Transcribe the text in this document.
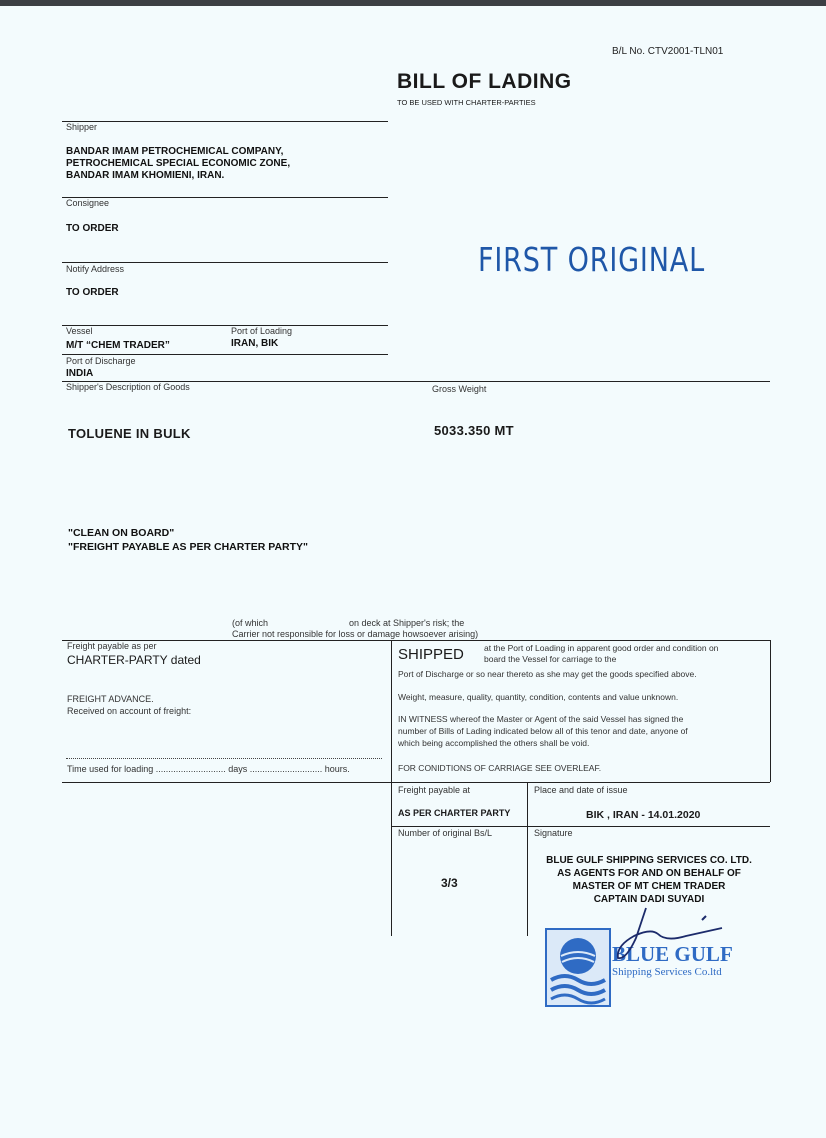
B/L No. CTV2001-TLN01
BILL OF LADING
TO BE USED WITH CHARTER-PARTIES
Shipper
BANDAR IMAM PETROCHEMICAL COMPANY,
PETROCHEMICAL SPECIAL ECONOMIC ZONE,
BANDAR IMAM KHOMIENI, IRAN.
Consignee
TO ORDER
Notify Address
TO ORDER
FIRST ORIGINAL
Vessel
M/T “CHEM TRADER”
Port of Loading
IRAN, BIK
Port of Discharge
INDIA
Shipper's Description of Goods	Gross Weight
TOLUENE IN BULK	5033.350 MT
"CLEAN ON BOARD"
"FREIGHT PAYABLE AS PER CHARTER PARTY"
(of which	on deck at Shipper's risk; the
Carrier not responsible for loss or damage howsoever arising)
Freight payable as per
CHARTER-PARTY dated
FREIGHT ADVANCE.
Received on account of freight:
Time used for loading ............................ days ............................. hours.
SHIPPED at the Port of Loading in apparent good order and condition on
board the Vessel for carriage to the
Port of Discharge or so near thereto as she may get the goods specified above.
Weight, measure, quality, quantity, condition, contents and value unknown.
IN WITNESS whereof the Master or Agent of the said Vessel has signed the
number of Bills of Lading indicated below all of this tenor and date, anyone of
which being accomplished the others shall be void.
FOR CONIDTIONS OF CARRIAGE SEE OVERLEAF.
Freight payable at
AS PER CHARTER PARTY
Place and date of issue
BIK , IRAN - 14.01.2020
Number of original Bs/L
3/3
Signature
BLUE GULF SHIPPING SERVICES CO. LTD.
AS AGENTS FOR AND ON BEHALF OF
MASTER OF MT CHEM TRADER
CAPTAIN DADI SUYADI
BLUE GULF
Shipping Services Co.ltd
